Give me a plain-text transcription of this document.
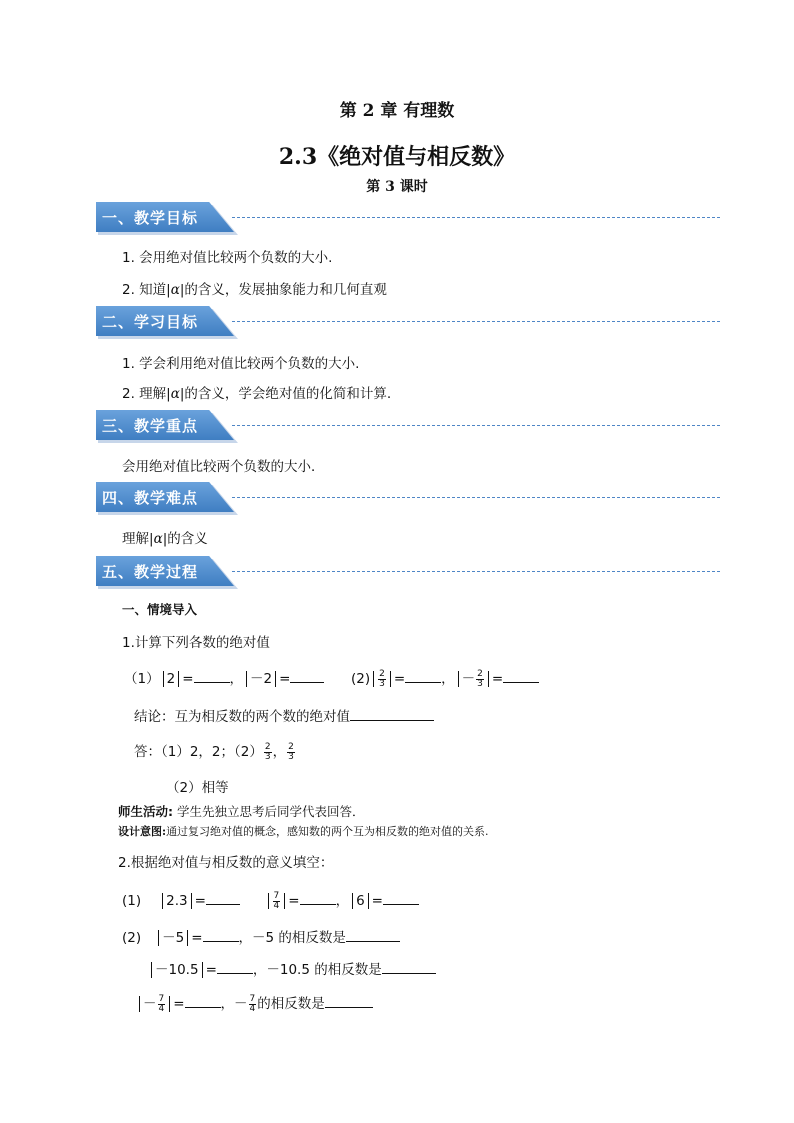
第 2 章 有理数
2.3《绝对值与相反数》
第 3 课时
一、教学目标
1. 会用绝对值比较两个负数的大小.
2. 知道|α|的含义，发展抽象能力和几何直观
二、学习目标
1. 学会利用绝对值比较两个负数的大小.
2. 理解|α|的含义，学会绝对值的化简和计算.
三、教学重点
会用绝对值比较两个负数的大小．
四、教学难点
理解|α|的含义
五、教学过程
一、情境导入
1.计算下列各数的绝对值
（1） 2 =	， －2 =	$(2) \frac{2}{3}$ =	， － $\frac{2}{3}$ =
结论：互为相反数的两个数的绝对值
答：（1）2，2；$(2) \frac{2}{3}$ ， $\frac{2}{3}$
（2）相等
师生活动: 学生先独立思考后同学代表回答．
设计意图:通过复习绝对值的概念，感知数的两个互为相反数的绝对值的关系.
2.根据绝对值与相反数的意义填空：
(1) 2.3 =	$\frac{7}{4}$ =	， 6 =
(2) －5 =	，－5 的相反数是
－10.5 =	，－10.5 的相反数是
－ $\frac{7}{4}$ =	，－ $\frac{7}{4}$ 的相反数是
